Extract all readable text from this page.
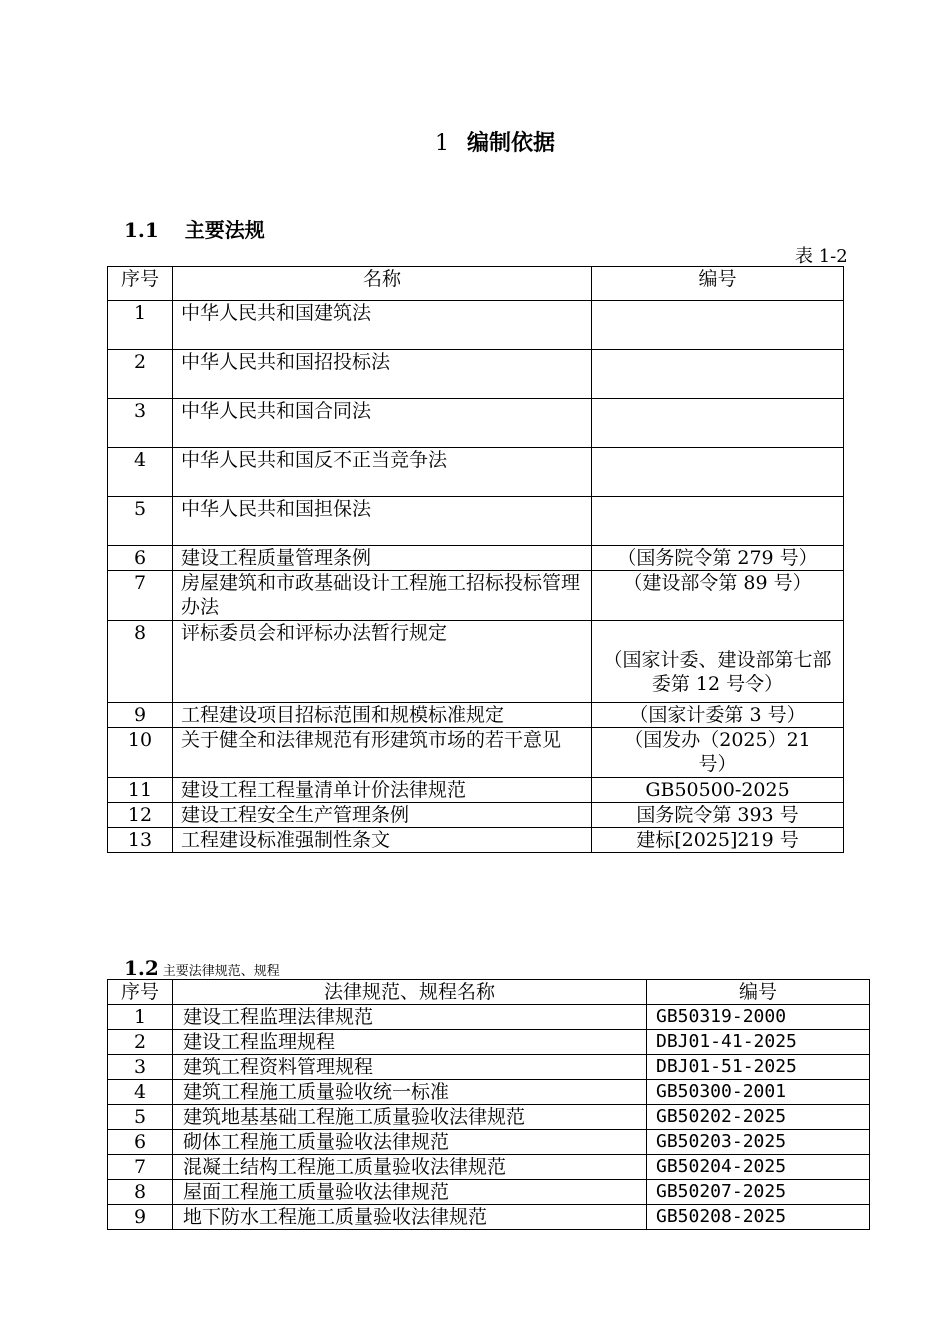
1 编制依据
1.1 主要法规
表 1-2
序号	名称	编号
1	中华人民共和国建筑法	
2	中华人民共和国招投标法	
3	中华人民共和国合同法	
4	中华人民共和国反不正当竞争法	
5	中华人民共和国担保法	
6	建设工程质量管理条例	（国务院令第 279 号）
7	房屋建筑和市政基础设计工程施工招标投标管理办法	（建设部令第 89 号）
8	评标委员会和评标办法暂行规定	（国家计委、建设部第七部委第 12 号令）
9	工程建设项目招标范围和规模标准规定	（国家计委第 3 号）
10	关于健全和法律规范有形建筑市场的若干意见	（国发办（2025）21 号）
11	建设工程工程量清单计价法律规范	GB50500-2025
12	建设工程安全生产管理条例	国务院令第 393 号
13	工程建设标准强制性条文	建标[2025]219 号
1.2 主要法律规范、规程
序号	法律规范、规程名称	编号
1	建设工程监理法律规范	GB50319-2000
2	建设工程监理规程	DBJ01-41-2025
3	建筑工程资料管理规程	DBJ01-51-2025
4	建筑工程施工质量验收统一标准	GB50300-2001
5	建筑地基基础工程施工质量验收法律规范	GB50202-2025
6	砌体工程施工质量验收法律规范	GB50203-2025
7	混凝土结构工程施工质量验收法律规范	GB50204-2025
8	屋面工程施工质量验收法律规范	GB50207-2025
9	地下防水工程施工质量验收法律规范	GB50208-2025
